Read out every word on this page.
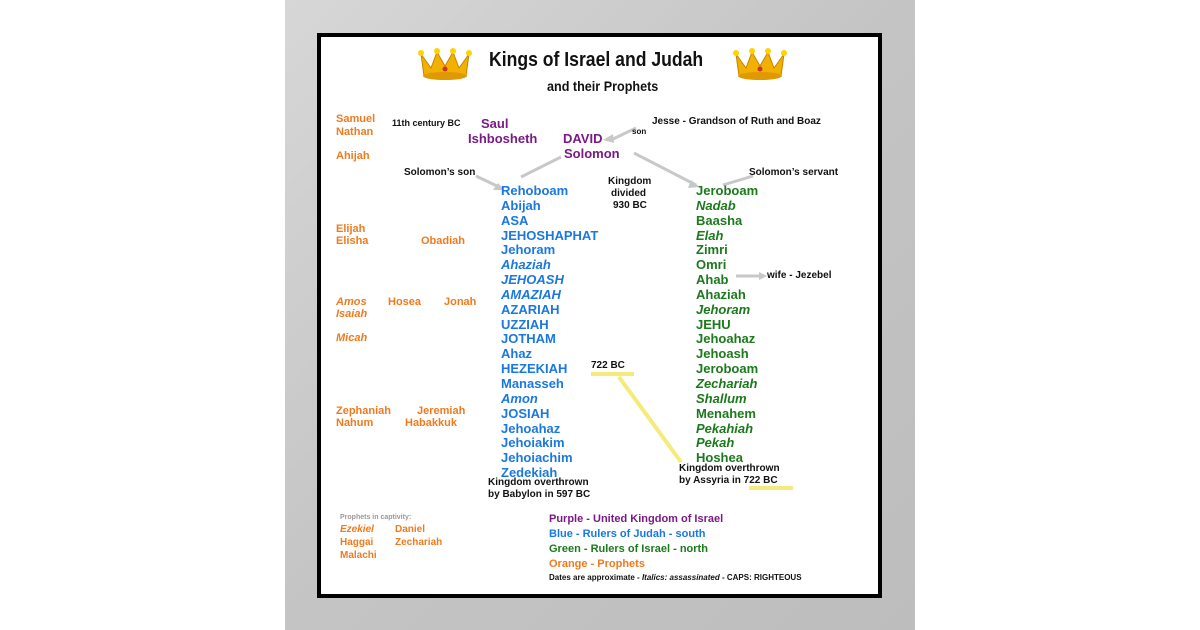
Kings of Israel and Judah
and their Prophets
11th century BC Saul
Ishbosheth DAVID
Solomon
Jesse - Grandson of Ruth and Boaz
son
Solomon’s son	Solomon’s servant
Kingdom
divided
930 BC
Rehoboam
Abijah
ASA
JEHOSHAPHAT
Jehoram
Ahaziah
JEHOASH
AMAZIAH
AZARIAH
UZZIAH
JOTHAM
Ahaz
HEZEKIAH
Manasseh
Amon
JOSIAH
Jehoahaz
Jehoiakim
Jehoiachim
Zedekiah
Jeroboam
Nadab
Baasha
Elah
Zimri
Omri
Ahab
Ahaziah
Jehoram
JEHU
Jehoahaz
Jehoash
Jeroboam
Zechariah
Shallum
Menahem
Pekahiah
Pekah
Hoshea
722 BC
wife - Jezebel
Kingdom overthrown
by Babylon in 597 BC
Kingdom overthrown
by Assyria in 722 BC
Samuel
Nathan
Ahijah
Elijah
Elisha	Obadiah
Amos Hosea Jonah
Isaiah
Micah
Zephaniah Jeremiah
Nahum	Habakkuk
Prophets in captivity:
Ezekiel Daniel
Haggai Zechariah
Malachi
Purple - United Kingdom of Israel
Blue - Rulers of Judah - south
Green - Rulers of Israel - north
Orange - Prophets
Dates are approximate - Italics: assassinated - CAPS: RIGHTEOUS
